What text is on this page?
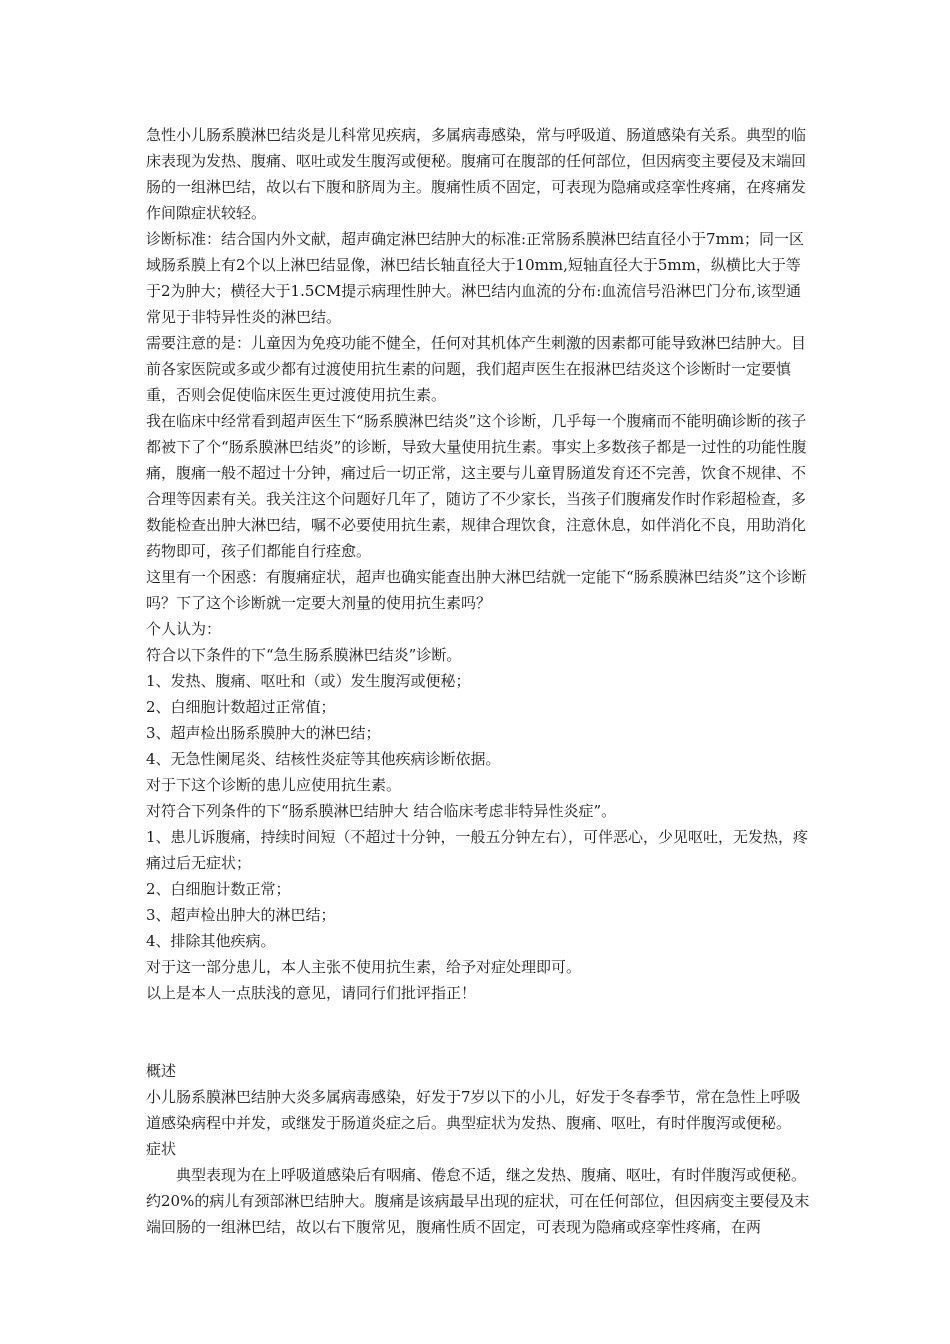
急性小儿肠系膜淋巴结炎是儿科常见疾病，多属病毒感染，常与呼吸道、肠道感染有关系。典型的临床表现为发热、腹痛、呕吐或发生腹泻或便秘。腹痛可在腹部的任何部位，但因病变主要侵及末端回肠的一组淋巴结，故以右下腹和脐周为主。腹痛性质不固定，可表现为隐痛或痉挛性疼痛，在疼痛发作间隙症状较轻。

诊断标准：结合国内外文献，超声确定淋巴结肿大的标准:正常肠系膜淋巴结直径小于7mm；同一区域肠系膜上有2个以上淋巴结显像，淋巴结长轴直径大于10mm,短轴直径大于5mm，纵横比大于等于2为肿大；横径大于1.5CM提示病理性肿大。淋巴结内血流的分布:血流信号沿淋巴门分布,该型通常见于非特异性炎的淋巴结。

需要注意的是：儿童因为免疫功能不健全，任何对其机体产生刺激的因素都可能导致淋巴结肿大。目前各家医院或多或少都有过渡使用抗生素的问题，我们超声医生在报淋巴结炎这个诊断时一定要慎重，否则会促使临床医生更过渡使用抗生素。

我在临床中经常看到超声医生下“肠系膜淋巴结炎”这个诊断，几乎每一个腹痛而不能明确诊断的孩子都被下了个“肠系膜淋巴结炎”的诊断，导致大量使用抗生素。事实上多数孩子都是一过性的功能性腹痛，腹痛一般不超过十分钟，痛过后一切正常，这主要与儿童胃肠道发育还不完善，饮食不规律、不合理等因素有关。我关注这个问题好几年了，随访了不少家长，当孩子们腹痛发作时作彩超检查，多数能检查出肿大淋巴结，嘱不必要使用抗生素，规律合理饮食，注意休息，如伴消化不良，用助消化药物即可，孩子们都能自行痊愈。

这里有一个困惑：有腹痛症状，超声也确实能查出肿大淋巴结就一定能下“肠系膜淋巴结炎”这个诊断吗？下了这个诊断就一定要大剂量的使用抗生素吗？

个人认为：

符合以下条件的下“急生肠系膜淋巴结炎”诊断。

1、发热、腹痛、呕吐和（或）发生腹泻或便秘；

2、白细胞计数超过正常值；

3、超声检出肠系膜肿大的淋巴结；

4、无急性阑尾炎、结核性炎症等其他疾病诊断依据。

对于下这个诊断的患儿应使用抗生素。

对符合下列条件的下“肠系膜淋巴结肿大 结合临床考虑非特异性炎症”。

1、患儿诉腹痛，持续时间短（不超过十分钟，一般五分钟左右），可伴恶心，少见呕吐，无发热，疼痛过后无症状；

2、白细胞计数正常；

3、超声检出肿大的淋巴结；

4、排除其他疾病。

对于这一部分患儿，本人主张不使用抗生素，给予对症处理即可。

以上是本人一点肤浅的意见，请同行们批评指正！

概述

小儿肠系膜淋巴结肿大炎多属病毒感染，好发于7岁以下的小儿，好发于冬春季节，常在急性上呼吸道感染病程中并发，或继发于肠道炎症之后。典型症状为发热、腹痛、呕吐，有时伴腹泻或便秘。

症状

典型表现为在上呼吸道感染后有咽痛、倦怠不适，继之发热、腹痛、呕吐，有时伴腹泻或便秘。约20%的病儿有颈部淋巴结肿大。腹痛是该病最早出现的症状，可在任何部位，但因病变主要侵及末端回肠的一组淋巴结，故以右下腹常见，腹痛性质不固定，可表现为隐痛或痉挛性疼痛，在两
